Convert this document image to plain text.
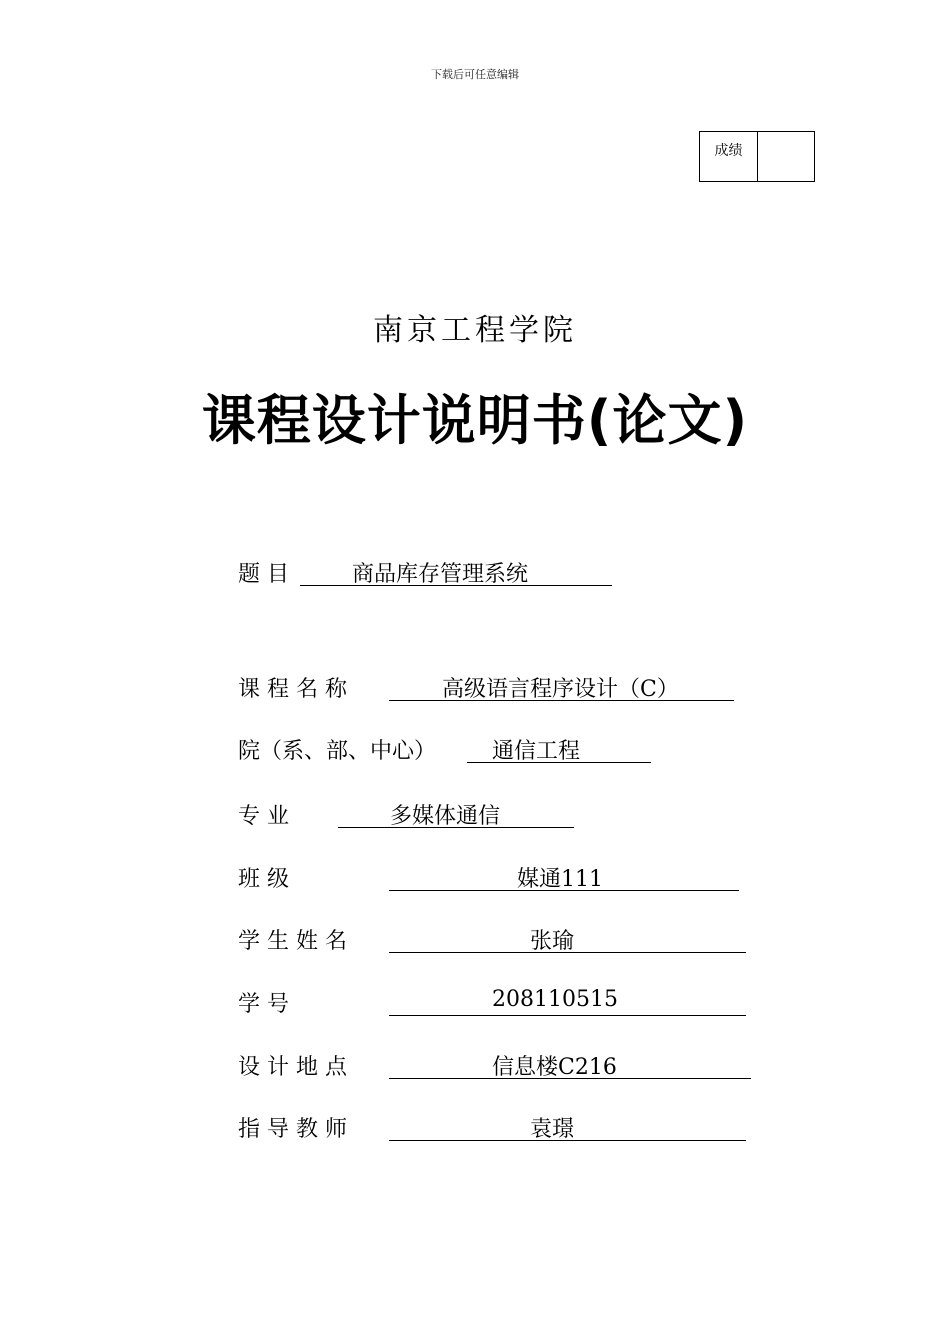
下载后可任意编辑
成绩
南京工程学院
课程设计说明书(论文)
题 目	商品库存管理系统
课 程 名 称	高级语言程序设计（C）
院（系、部、中心）	通信工程
专 业	多媒体通信
班 级	媒通111
学 生 姓 名	张瑜
学 号	208110515
设 计 地 点	信息楼C216
指 导 教 师	袁璟
